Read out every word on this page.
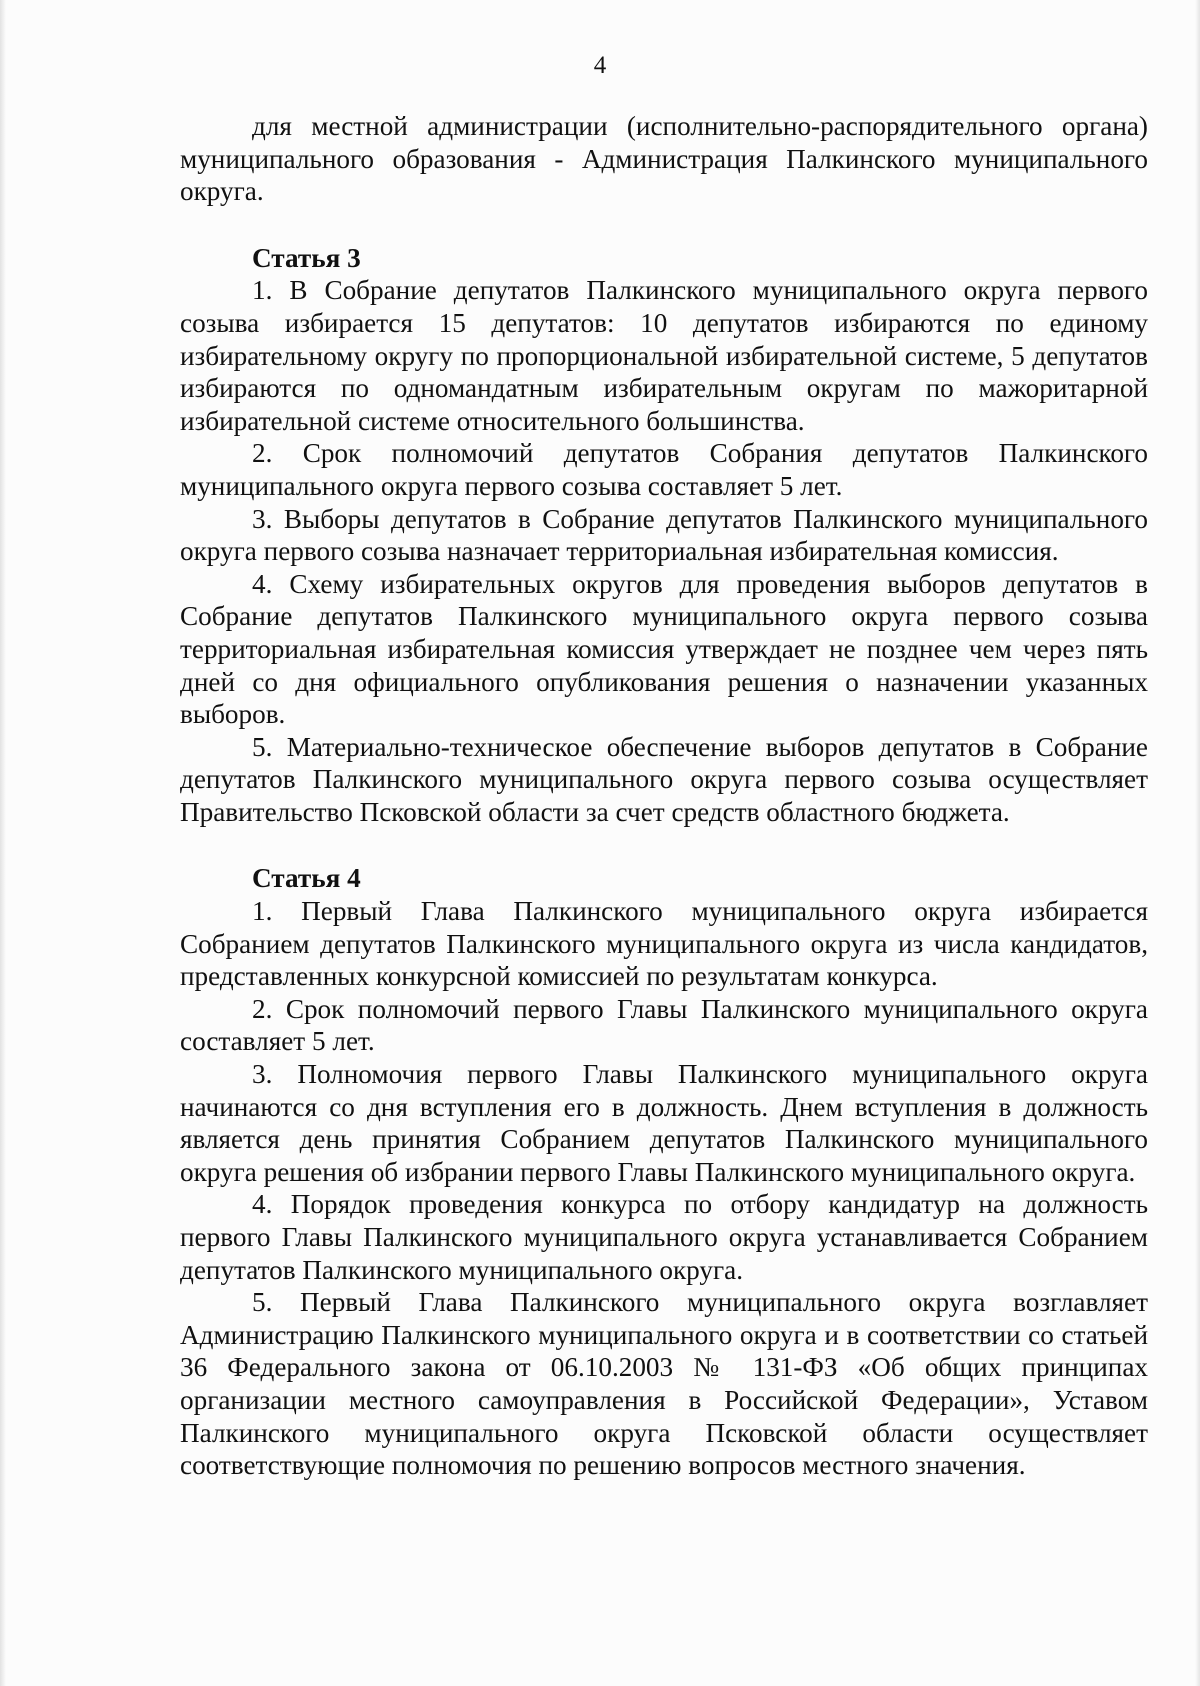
4

для местной администрации (исполнительно-распорядительного органа) муниципального образования - Администрация Палкинского муниципального округа.

Статья 3

1. В Собрание депутатов Палкинского муниципального округа первого созыва избирается 15 депутатов: 10 депутатов избираются по единому избирательному округу по пропорциональной избирательной системе, 5 депутатов избираются по одномандатным избирательным округам по мажоритарной избирательной системе относительного большинства.

2. Срок полномочий депутатов Собрания депутатов Палкинского муниципального округа первого созыва составляет 5 лет.

3. Выборы депутатов в Собрание депутатов Палкинского муниципального округа первого созыва назначает территориальная избирательная комиссия.

4. Схему избирательных округов для проведения выборов депутатов в Собрание депутатов Палкинского муниципального округа первого созыва территориальная избирательная комиссия утверждает не позднее чем через пять дней со дня официального опубликования решения о назначении указанных выборов.

5. Материально-техническое обеспечение выборов депутатов в Собрание депутатов Палкинского муниципального округа первого созыва осуществляет Правительство Псковской области за счет средств областного бюджета.

Статья 4

1. Первый Глава Палкинского муниципального округа избирается Собранием депутатов Палкинского муниципального округа из числа кандидатов, представленных конкурсной комиссией по результатам конкурса.

2. Срок полномочий первого Главы Палкинского муниципального округа составляет 5 лет.

3. Полномочия первого Главы Палкинского муниципального округа начинаются со дня вступления его в должность. Днем вступления в должность является день принятия Собранием депутатов Палкинского муниципального округа решения об избрании первого Главы Палкинского муниципального округа.

4. Порядок проведения конкурса по отбору кандидатур на должность первого Главы Палкинского муниципального округа устанавливается Собранием депутатов Палкинского муниципального округа.

5. Первый Глава Палкинского муниципального округа возглавляет Администрацию Палкинского муниципального округа и в соответствии со статьей 36 Федерального закона от 06.10.2003 № 131-ФЗ «Об общих принципах организации местного самоуправления в Российской Федерации», Уставом Палкинского муниципального округа Псковской области осуществляет соответствующие полномочия по решению вопросов местного значения.
